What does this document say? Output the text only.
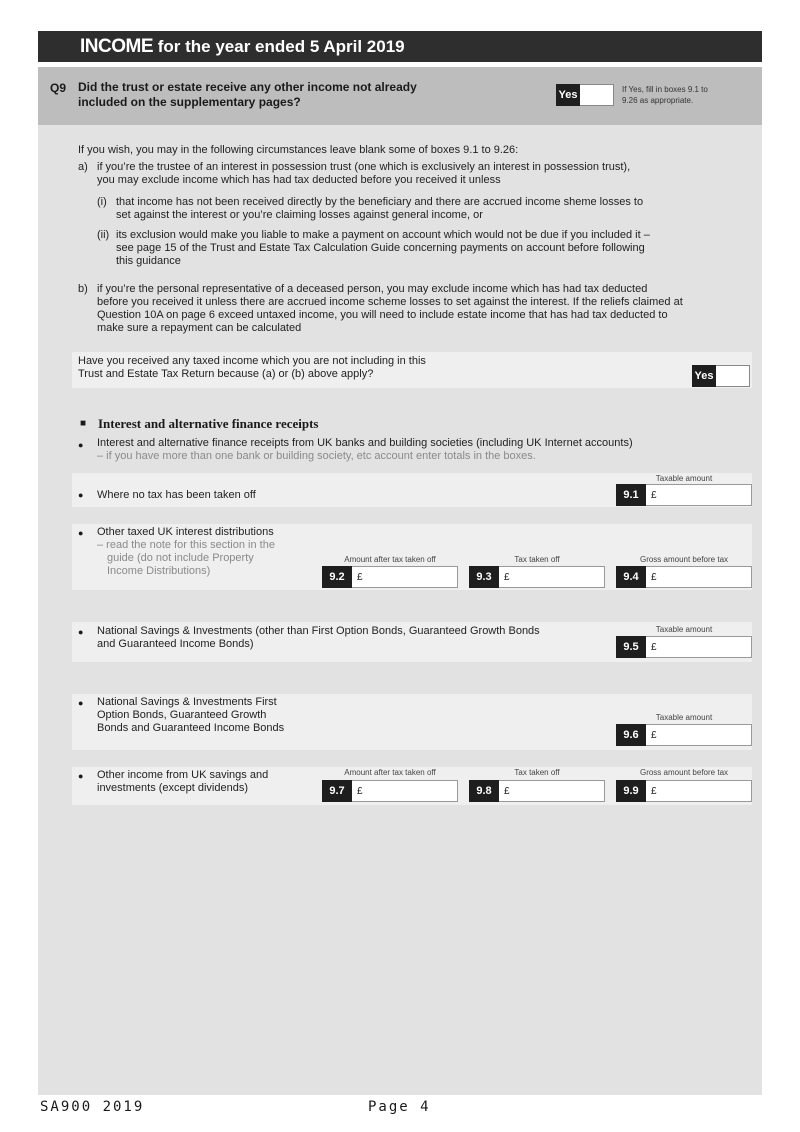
INCOME for the year ended 5 April 2019
Q9 Did the trust or estate receive any other income not already
included on the supplementary pages?	Yes	If Yes, fill in boxes 9.1 to
9.26 as appropriate.
If you wish, you may in the following circumstances leave blank some of boxes 9.1 to 9.26:
a) if you’re the trustee of an interest in possession trust (one which is exclusively an interest in possession trust),
you may exclude income which has had tax deducted before you received it unless
(i) that income has not been received directly by the beneficiary and there are accrued income sheme losses to
set against the interest or you’re claiming losses against general income, or
(ii) its exclusion would make you liable to make a payment on account which would not be due if you included it –
see page 15 of the Trust and Estate Tax Calculation Guide concerning payments on account before following
this guidance
b) if you’re the personal representative of a deceased person, you may exclude income which has had tax deducted
before you received it unless there are accrued income scheme losses to set against the interest. If the reliefs claimed at
Question 10A on page 6 exceed untaxed income, you will need to include estate income that has had tax deducted to
make sure a repayment can be calculated
Have you received any taxed income which you are not including in this
Trust and Estate Tax Return because (a) or (b) above apply?	Yes
■ Interest and alternative finance receipts
● Interest and alternative finance receipts from UK banks and building societies (including UK Internet accounts)
– if you have more than one bank or building society, etc account enter totals in the boxes.
● Where no tax has been taken off
Taxable amount
9.1	£
● Other taxed UK interest distributions
– read the note for this section in the
guide (do not include Property
Income Distributions)
Amount after tax taken off
9.2	£
Tax taken off
9.3	£
Gross amount before tax
9.4	£
● National Savings & Investments (other than First Option Bonds, Guaranteed Growth Bonds
and Guaranteed Income Bonds)
Taxable amount
9.5	£
● National Savings & Investments First
Option Bonds, Guaranteed Growth
Bonds and Guaranteed Income Bonds
Taxable amount
9.6	£
● Other income from UK savings and
investments (except dividends)
Amount after tax taken off
9.7	£
Tax taken off
9.8	£
Gross amount before tax
9.9	£
SA900 2019	Page 4
